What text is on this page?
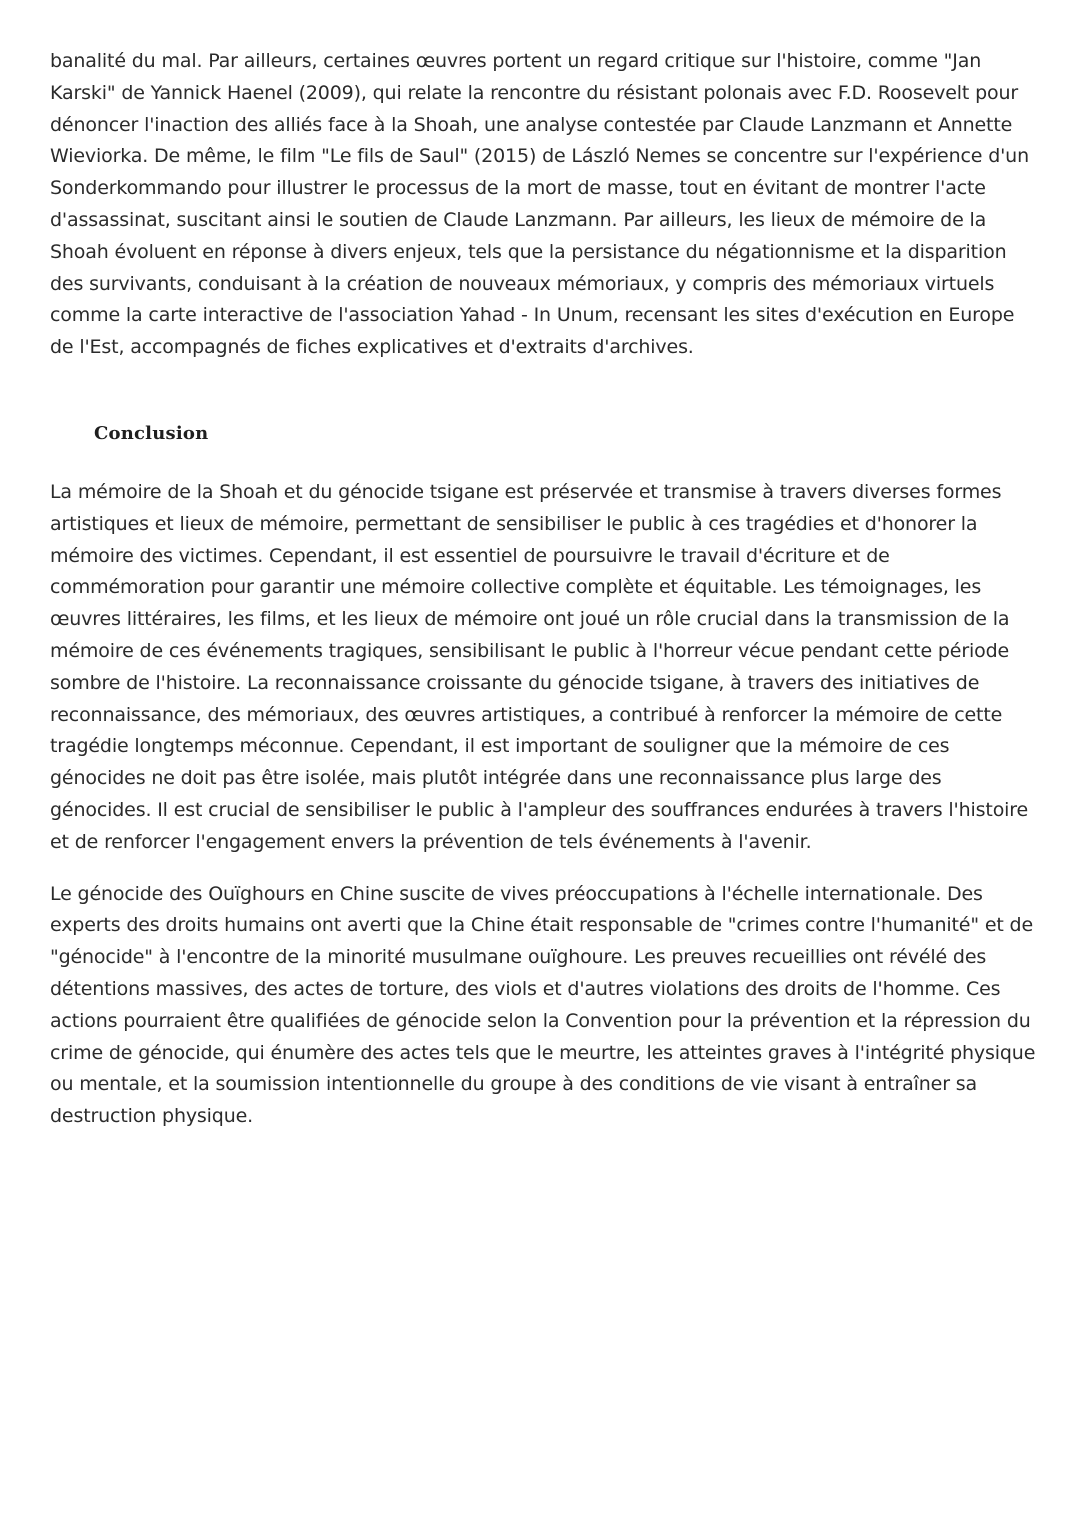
banalité du mal. Par ailleurs, certaines œuvres portent un regard critique sur l'histoire, comme "Jan Karski" de Yannick Haenel (2009), qui relate la rencontre du résistant polonais avec F.D. Roosevelt pour dénoncer l'inaction des alliés face à la Shoah, une analyse contestée par Claude Lanzmann et Annette Wieviorka. De même, le film "Le fils de Saul" (2015) de László Nemes se concentre sur l'expérience d'un Sonderkommando pour illustrer le processus de la mort de masse, tout en évitant de montrer l'acte d'assassinat, suscitant ainsi le soutien de Claude Lanzmann. Par ailleurs, les lieux de mémoire de la Shoah évoluent en réponse à divers enjeux, tels que la persistance du négationnisme et la disparition des survivants, conduisant à la création de nouveaux mémoriaux, y compris des mémoriaux virtuels comme la carte interactive de l'association Yahad - In Unum, recensant les sites d'exécution en Europe de l'Est, accompagnés de fiches explicatives et d'extraits d'archives.

Conclusion

La mémoire de la Shoah et du génocide tsigane est préservée et transmise à travers diverses formes artistiques et lieux de mémoire, permettant de sensibiliser le public à ces tragédies et d'honorer la mémoire des victimes. Cependant, il est essentiel de poursuivre le travail d'écriture et de commémoration pour garantir une mémoire collective complète et équitable. Les témoignages, les œuvres littéraires, les films, et les lieux de mémoire ont joué un rôle crucial dans la transmission de la mémoire de ces événements tragiques, sensibilisant le public à l'horreur vécue pendant cette période sombre de l'histoire. La reconnaissance croissante du génocide tsigane, à travers des initiatives de reconnaissance, des mémoriaux, des œuvres artistiques, a contribué à renforcer la mémoire de cette tragédie longtemps méconnue. Cependant, il est important de souligner que la mémoire de ces génocides ne doit pas être isolée, mais plutôt intégrée dans une reconnaissance plus large des génocides. Il est crucial de sensibiliser le public à l'ampleur des souffrances endurées à travers l'histoire et de renforcer l'engagement envers la prévention de tels événements à l'avenir.

Le génocide des Ouïghours en Chine suscite de vives préoccupations à l'échelle internationale. Des experts des droits humains ont averti que la Chine était responsable de "crimes contre l'humanité" et de "génocide" à l'encontre de la minorité musulmane ouïghoure. Les preuves recueillies ont révélé des détentions massives, des actes de torture, des viols et d'autres violations des droits de l'homme. Ces actions pourraient être qualifiées de génocide selon la Convention pour la prévention et la répression du crime de génocide, qui énumère des actes tels que le meurtre, les atteintes graves à l'intégrité physique ou mentale, et la soumission intentionnelle du groupe à des conditions de vie visant à entraîner sa destruction physique.
